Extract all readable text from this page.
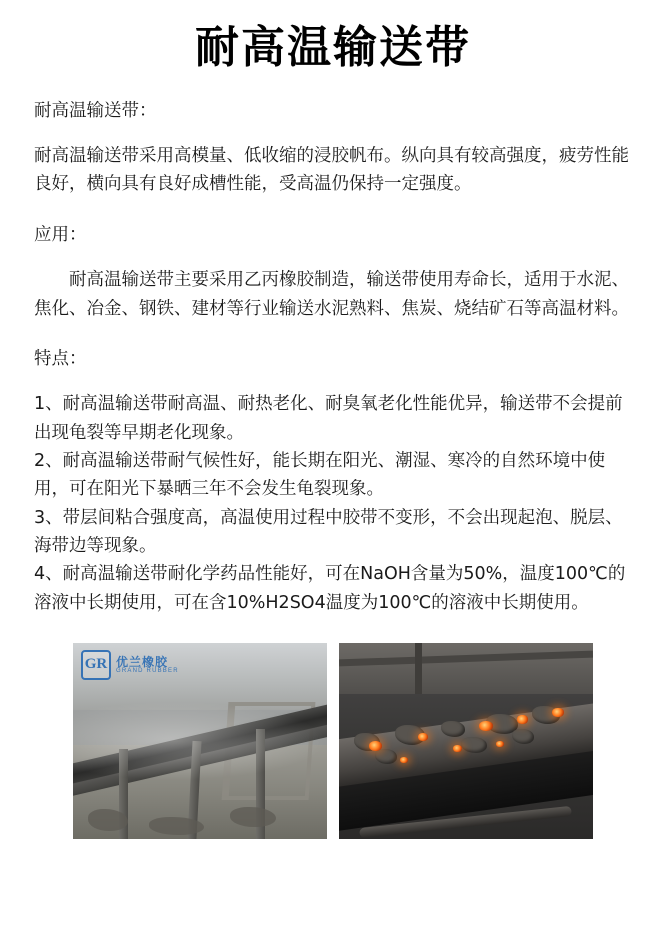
耐高温输送带

耐高温输送带：

耐高温输送带采用高模量、低收缩的浸胶帆布。纵向具有较高强度，疲劳性能良好，横向具有良好成槽性能，受高温仍保持一定强度。

应用：

耐高温输送带主要采用乙丙橡胶制造，输送带使用寿命长，适用于水泥、焦化、冶金、钢铁、建材等行业输送水泥熟料、焦炭、烧结矿石等高温材料。

特点：

1、耐高温输送带耐高温、耐热老化、耐臭氧老化性能优异，输送带不会提前出现龟裂等早期老化现象。

2、耐高温输送带耐气候性好，能长期在阳光、潮湿、寒冷的自然环境中使用，可在阳光下暴晒三年不会发生龟裂现象。

3、带层间粘合强度高，高温使用过程中胶带不变形，不会出现起泡、脱层、海带边等现象。

4、耐高温输送带耐化学药品性能好，可在NaOH含量为50%，温度100℃的溶液中长期使用，可在含10%H2SO4温度为100℃的溶液中长期使用。

GR 优兰橡胶
GRAND RUBBER
